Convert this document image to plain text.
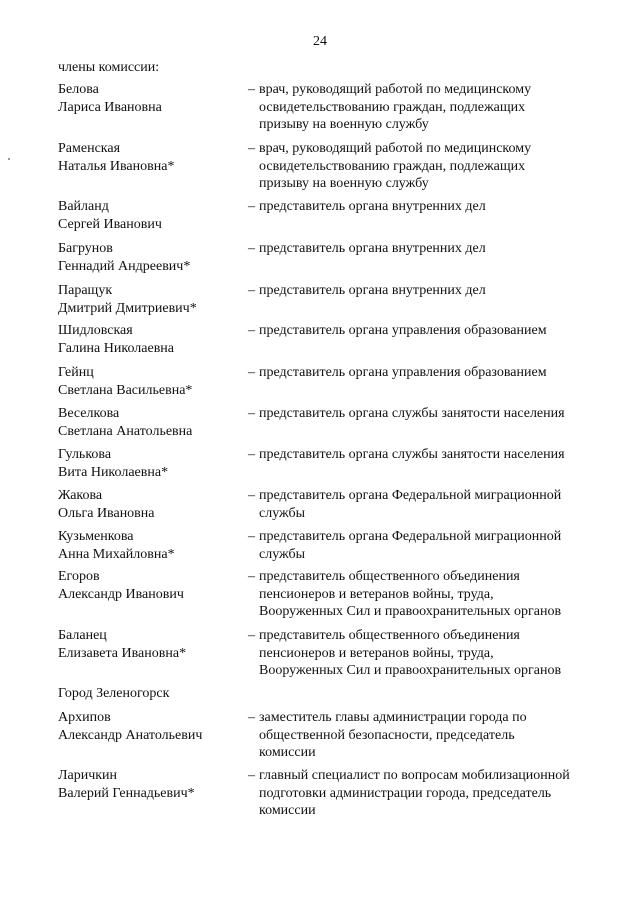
24
члены комиссии:
Белова
Лариса Ивановна
– врач, руководящий работой по медицинскому
освидетельствованию граждан, подлежащих
призыву на военную службу
Раменская
Наталья Ивановна*
– врач, руководящий работой по медицинскому
освидетельствованию граждан, подлежащих
призыву на военную службу
Вайланд
Сергей Иванович
– представитель органа внутренних дел
Багрунов
Геннадий Андреевич*
– представитель органа внутренних дел
Паращук
Дмитрий Дмитриевич*
– представитель органа внутренних дел
Шидловская
Галина Николаевна
– представитель органа управления образованием
Гейнц
Светлана Васильевна*
– представитель органа управления образованием
Веселкова
Светлана Анатольевна
– представитель органа службы занятости населения
Гулькова
Вита Николаевна*
– представитель органа службы занятости населения
Жакова
Ольга Ивановна
– представитель органа Федеральной миграционной
службы
Кузьменкова
Анна Михайловна*
– представитель органа Федеральной миграционной
службы
Егоров
Александр Иванович
– представитель общественного объединения
пенсионеров и ветеранов войны, труда,
Вооруженных Сил и правоохранительных органов
Баланец
Елизавета Ивановна*
– представитель общественного объединения
пенсионеров и ветеранов войны, труда,
Вооруженных Сил и правоохранительных органов
Город Зеленогорск
Архипов
Александр Анатольевич
– заместитель главы администрации города по
общественной безопасности, председатель
комиссии
Ларичкин
Валерий Геннадьевич*
– главный специалист по вопросам мобилизационной
подготовки администрации города, председатель
комиссии
